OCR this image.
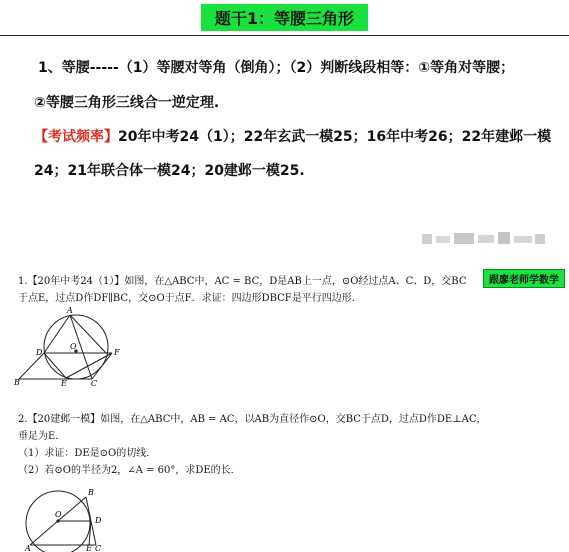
题干1：等腰三角形
1、等腰-----（1）等腰对等角（倒角）；（2）判断线段相等：①等角对等腰；
②等腰三角形三线合一逆定理.
【考试频率】20年中考24（1）；22年玄武一模25；16年中考26；22年建邺一模
24；21年联合体一模24；20建邺一模25.
1.【20年中考24（1）】如图，在△ABC中，AC = BC，D是AB上一点，⊙O经过点A、C、D，交BC
于点E，过点D作DF∥BC，交⊙O于点F．求证：四边形DBCF是平行四边形．
跟廖老师学数学
A
D
O
F
B	E	C
2.【20建邺一模】如图，在△ABC中，AB = AC，以AB为直径作⊙O，交BC于点D，过点D作DE⊥AC，
垂足为E．
（1）求证：DE是⊙O的切线．
（2）若⊙O的半径为2，∠A = 60°，求DE的长．
O
B
D
A	E C
